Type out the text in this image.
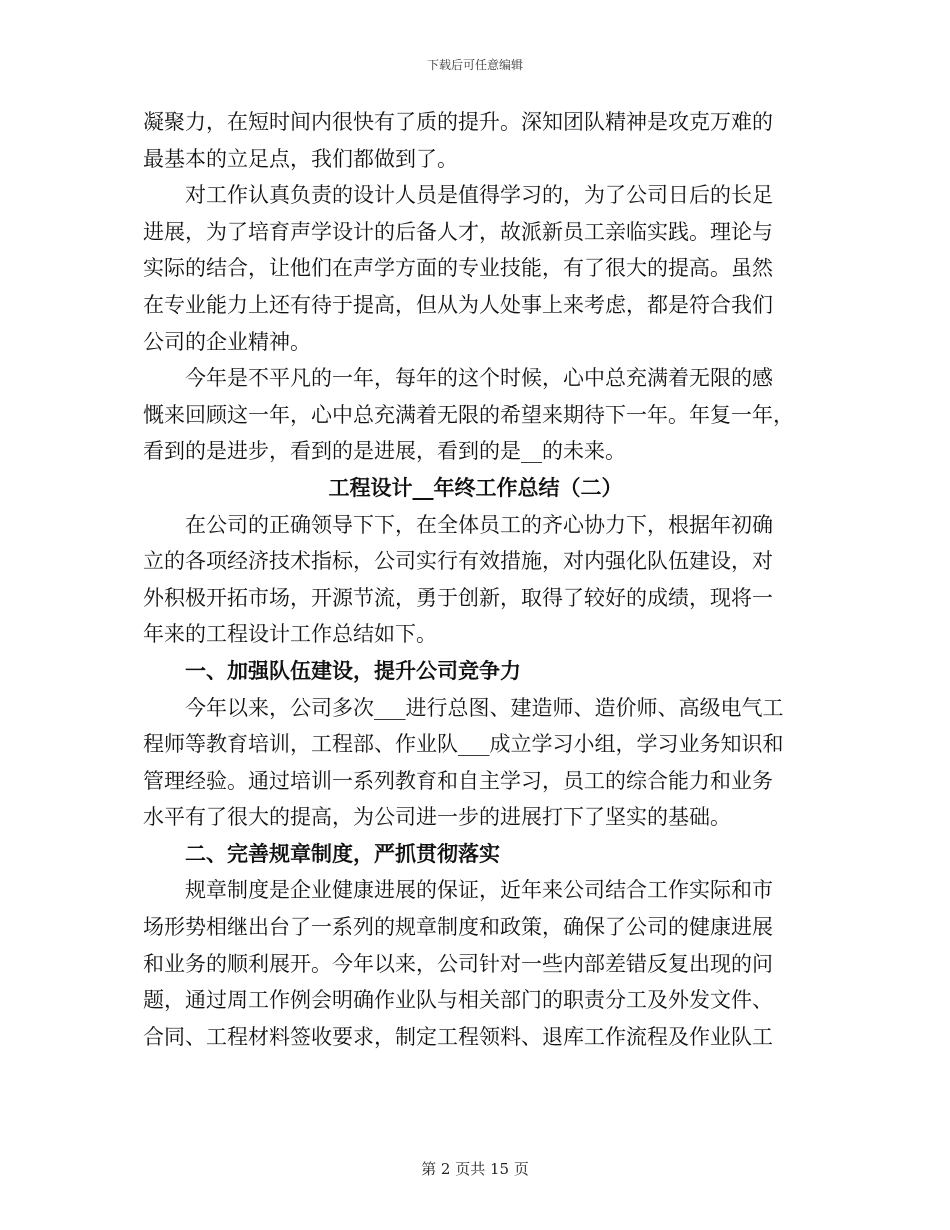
下载后可任意编辑
凝聚力，在短时间内很快有了质的提升。深知团队精神是攻克万难的
最基本的立足点，我们都做到了。
对工作认真负责的设计人员是值得学习的，为了公司日后的长足
进展，为了培育声学设计的后备人才，故派新员工亲临实践。理论与
实际的结合，让他们在声学方面的专业技能，有了很大的提高。虽然
在专业能力上还有待于提高，但从为人处事上来考虑，都是符合我们
公司的企业精神。
今年是不平凡的一年，每年的这个时候，心中总充满着无限的感
慨来回顾这一年，心中总充满着无限的希望来期待下一年。年复一年，
看到的是进步，看到的是进展，看到的是__的未来。
工程设计__年终工作总结（二）
在公司的正确领导下下，在全体员工的齐心协力下，根据年初确
立的各项经济技术指标，公司实行有效措施，对内强化队伍建设，对
外积极开拓市场，开源节流，勇于创新，取得了较好的成绩，现将一
年来的工程设计工作总结如下。
一、加强队伍建设，提升公司竞争力
今年以来，公司多次___进行总图、建造师、造价师、高级电气工
程师等教育培训，工程部、作业队___成立学习小组，学习业务知识和
管理经验。通过培训一系列教育和自主学习，员工的综合能力和业务
水平有了很大的提高，为公司进一步的进展打下了坚实的基础。
二、完善规章制度，严抓贯彻落实
规章制度是企业健康进展的保证，近年来公司结合工作实际和市
场形势相继出台了一系列的规章制度和政策，确保了公司的健康进展
和业务的顺利展开。今年以来，公司针对一些内部差错反复出现的问
题，通过周工作例会明确作业队与相关部门的职责分工及外发文件、
合同、工程材料签收要求，制定工程领料、退库工作流程及作业队工
第 2 页共 15 页
